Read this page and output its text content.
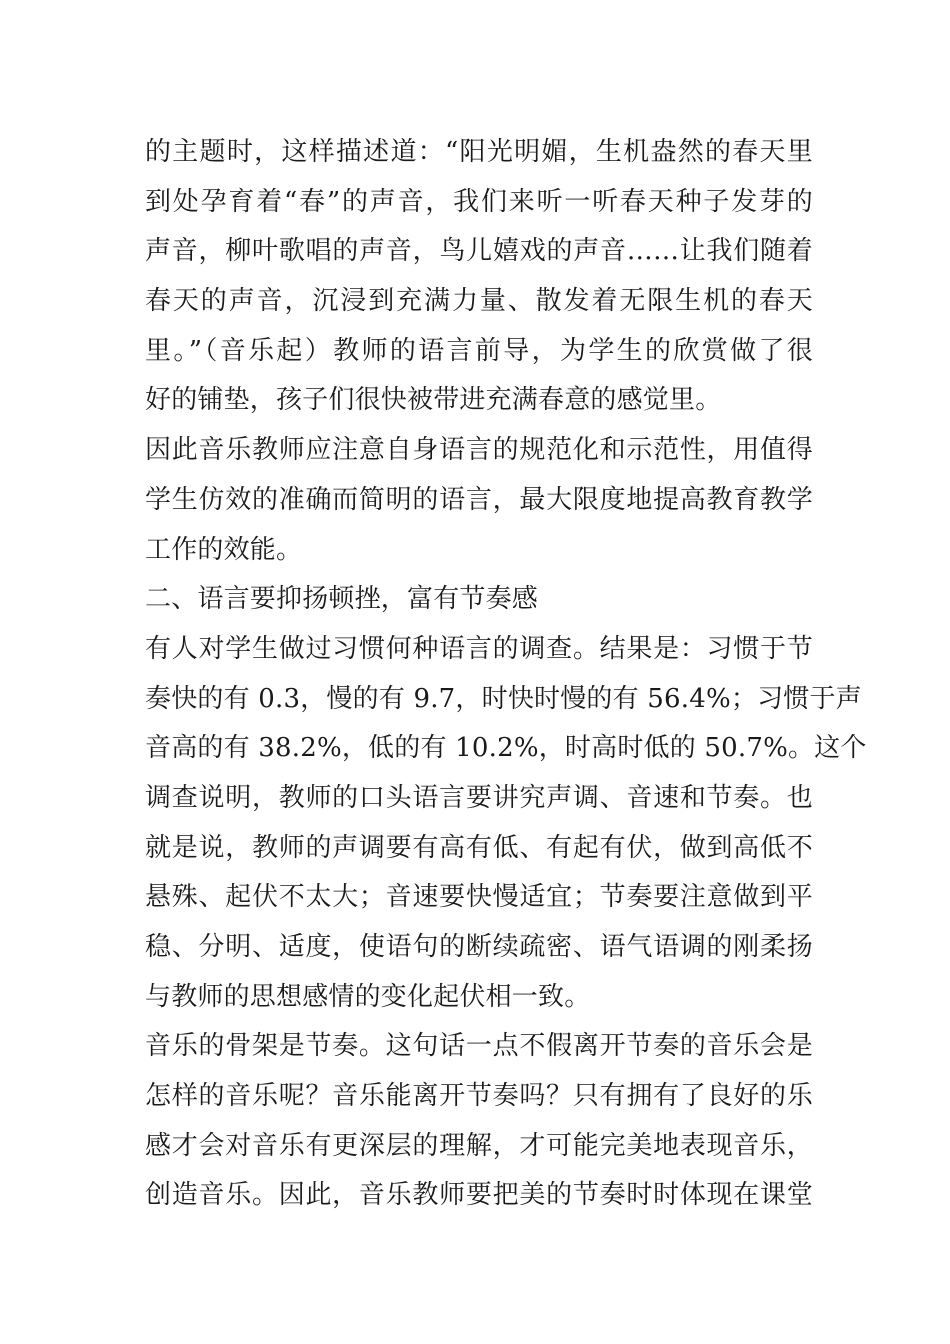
的主题时，这样描述道：“阳光明媚，生机盎然的春天里
到处孕育着“春”的声音，我们来听一听春天种子发芽的
声音，柳叶歌唱的声音，鸟儿嬉戏的声音……让我们随着
春天的声音，沉浸到充满力量、散发着无限生机的春天
里。”（音乐起）教师的语言前导，为学生的欣赏做了很
好的铺垫，孩子们很快被带进充满春意的感觉里。
因此音乐教师应注意自身语言的规范化和示范性，用值得
学生仿效的准确而简明的语言，最大限度地提高教育教学
工作的效能。
二、语言要抑扬顿挫，富有节奏感
有人对学生做过习惯何种语言的调查。结果是：习惯于节
奏快的有 0.3，慢的有 9.7，时快时慢的有 56.4%；习惯于声
音高的有 38.2%，低的有 10.2%，时高时低的 50.7%。这个
调查说明，教师的口头语言要讲究声调、音速和节奏。也
就是说，教师的声调要有高有低、有起有伏，做到高低不
悬殊、起伏不太大；音速要快慢适宜；节奏要注意做到平
稳、分明、适度，使语句的断续疏密、语气语调的刚柔扬
与教师的思想感情的变化起伏相一致。
音乐的骨架是节奏。这句话一点不假离开节奏的音乐会是
怎样的音乐呢？音乐能离开节奏吗？只有拥有了良好的乐
感才会对音乐有更深层的理解，才可能完美地表现音乐，
创造音乐。因此，音乐教师要把美的节奏时时体现在课堂
